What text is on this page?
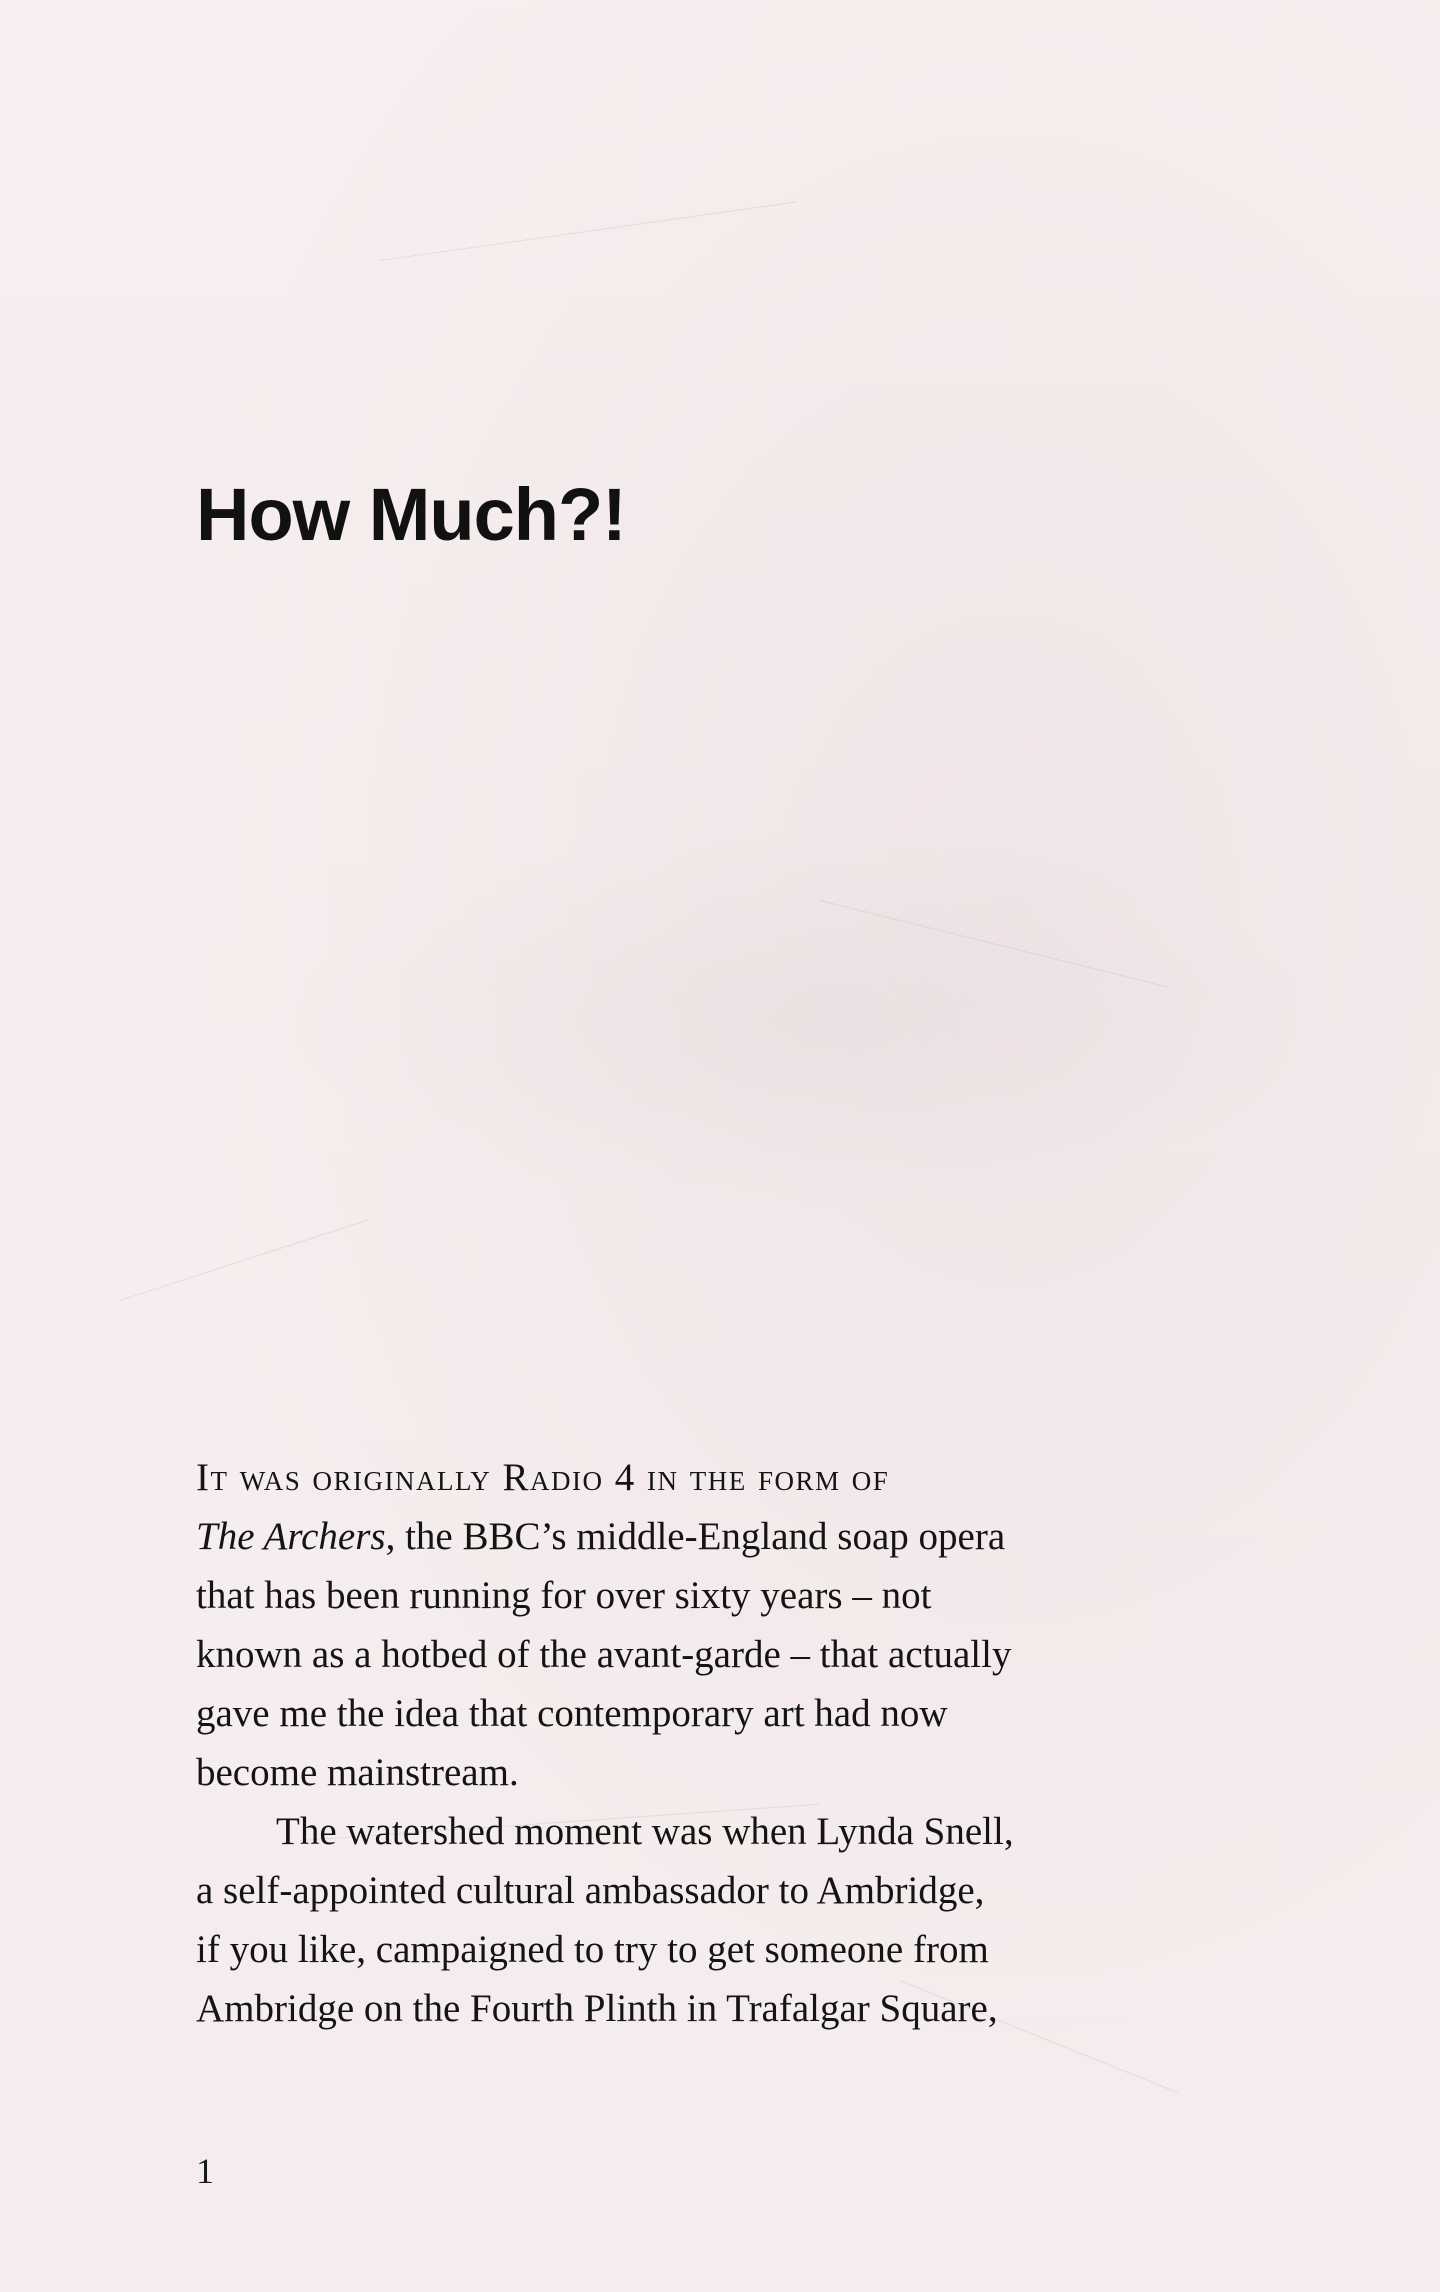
How Much?!

It was originally Radio 4 in the form of
The Archers, the BBC’s middle-England soap opera
that has been running for over sixty years – not
known as a hotbed of the avant-garde – that actually
gave me the idea that contemporary art had now
become mainstream.

The watershed moment was when Lynda Snell,
a self-appointed cultural ambassador to Ambridge,
if you like, campaigned to try to get someone from
Ambridge on the Fourth Plinth in Trafalgar Square,

1
